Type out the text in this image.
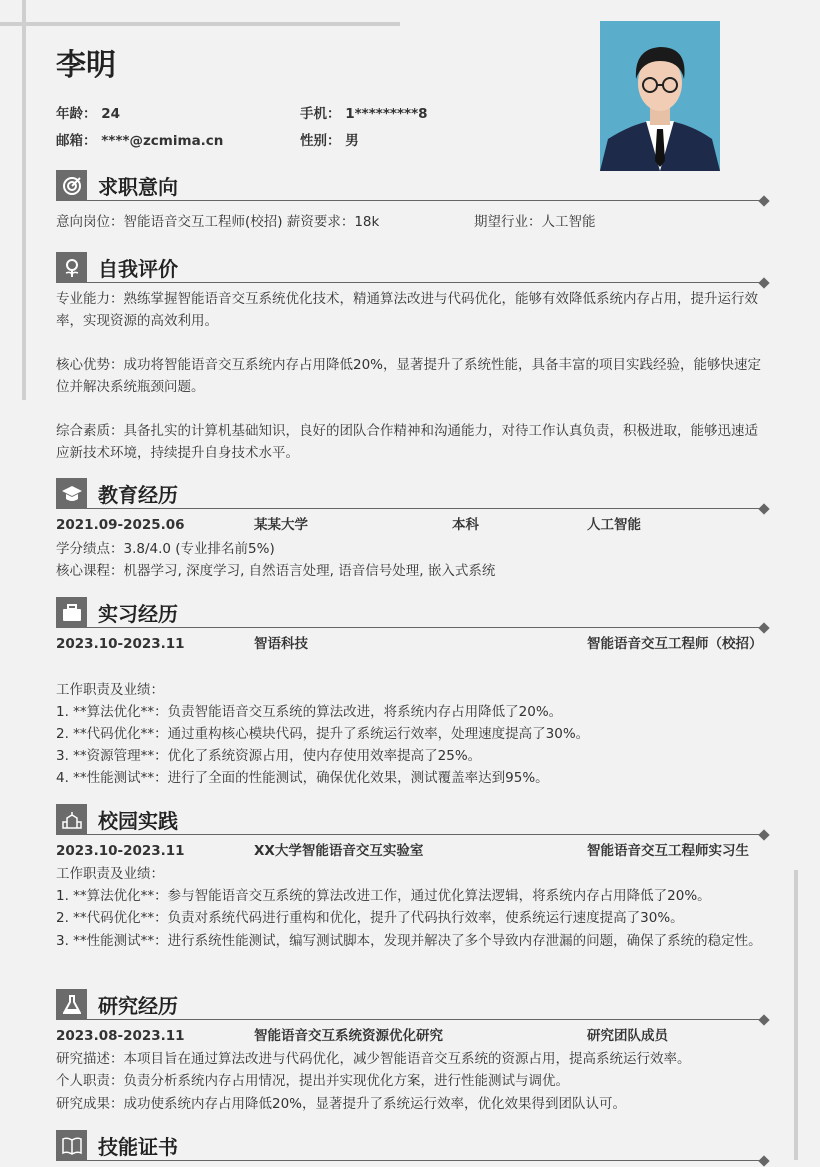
李明
年龄： 24	手机： 1*********8
邮箱： ****@zcmima.cn	性别： 男
求职意向
意向岗位：智能语音交互工程师(校招) 薪资要求：18k	期望行业：人工智能
自我评价
专业能力：熟练掌握智能语音交互系统优化技术，精通算法改进与代码优化，能够有效降低系统内存占用，提升运行效率，实现资源的高效利用。
核心优势：成功将智能语音交互系统内存占用降低20%，显著提升了系统性能，具备丰富的项目实践经验，能够快速定位并解决系统瓶颈问题。
综合素质：具备扎实的计算机基础知识，良好的团队合作精神和沟通能力，对待工作认真负责，积极进取，能够迅速适应新技术环境，持续提升自身技术水平。
教育经历
2021.09-2025.06	某某大学	本科	人工智能
学分绩点：3.8/4.0 (专业排名前5%)
核心课程：机器学习, 深度学习, 自然语言处理, 语音信号处理, 嵌入式系统
实习经历
2023.10-2023.11	智语科技	智能语音交互工程师（校招）
工作职责及业绩：
1. **算法优化**：负责智能语音交互系统的算法改进，将系统内存占用降低了20%。
2. **代码优化**：通过重构核心模块代码，提升了系统运行效率，处理速度提高了30%。
3. **资源管理**：优化了系统资源占用，使内存使用效率提高了25%。
4. **性能测试**：进行了全面的性能测试，确保优化效果，测试覆盖率达到95%。
校园实践
2023.10-2023.11	XX大学智能语音交互实验室	智能语音交互工程师实习生
工作职责及业绩：
1. **算法优化**：参与智能语音交互系统的算法改进工作，通过优化算法逻辑，将系统内存占用降低了20%。
2. **代码优化**：负责对系统代码进行重构和优化，提升了代码执行效率，使系统运行速度提高了30%。
3. **性能测试**：进行系统性能测试，编写测试脚本，发现并解决了多个导致内存泄漏的问题，确保了系统的稳定性。
研究经历
2023.08-2023.11	智能语音交互系统资源优化研究	研究团队成员
研究描述：本项目旨在通过算法改进与代码优化，减少智能语音交互系统的资源占用，提高系统运行效率。
个人职责：负责分析系统内存占用情况，提出并实现优化方案，进行性能测试与调优。
研究成果：成功使系统内存占用降低20%，显著提升了系统运行效率，优化效果得到团队认可。
技能证书
